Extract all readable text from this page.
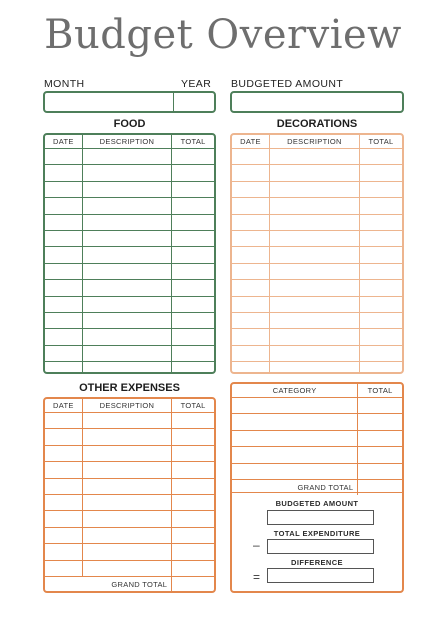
Budget Overview
MONTH	YEAR BUDGETED AMOUNT
FOOD
DATE	DESCRIPTION	TOTAL

DECORATIONS
DATE	DESCRIPTION	TOTAL

OTHER EXPENSES
DATE	DESCRIPTION	TOTAL

GRAND TOTAL		
CATEGORY	TOTAL

GRAND TOTAL	
BUDGETED AMOUNT
TOTAL EXPENDITURE
–
DIFFERENCE
=
